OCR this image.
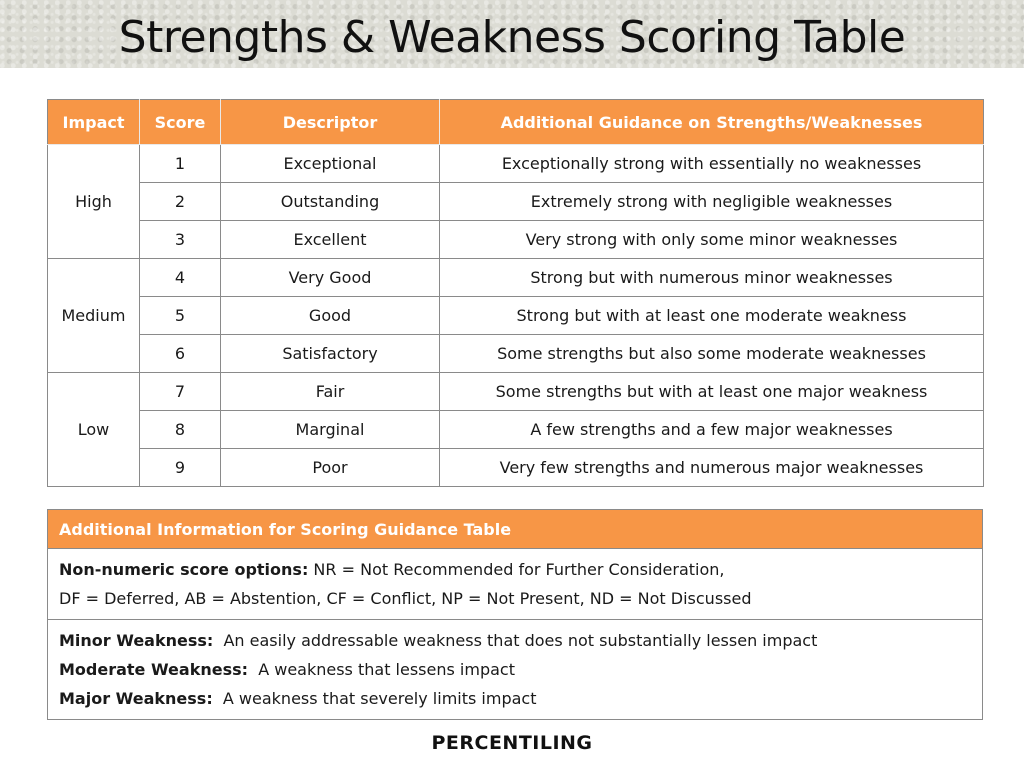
Strengths & Weakness Scoring Table
Impact	Score	Descriptor	Additional Guidance on Strengths/Weaknesses
High	1	Exceptional	Exceptionally strong with essentially no weaknesses
	2	Outstanding	Extremely strong with negligible weaknesses
	3	Excellent	Very strong with only some minor weaknesses
Medium	4	Very Good	Strong but with numerous minor weaknesses
	5	Good	Strong but with at least one moderate weakness
	6	Satisfactory	Some strengths but also some moderate weaknesses
Low	7	Fair	Some strengths but with at least one major weakness
	8	Marginal	A few strengths and a few major weaknesses
	9	Poor	Very few strengths and numerous major weaknesses
Additional Information for Scoring Guidance Table

Non-numeric score options: NR = Not Recommended for Further Consideration,
DF = Deferred, AB = Abstention, CF = Conflict, NP = Not Present, ND = Not Discussed

Minor Weakness:  An easily addressable weakness that does not substantially lessen impact
Moderate Weakness:  A weakness that lessens impact
Major Weakness:  A weakness that severely limits impact
PERCENTILING
